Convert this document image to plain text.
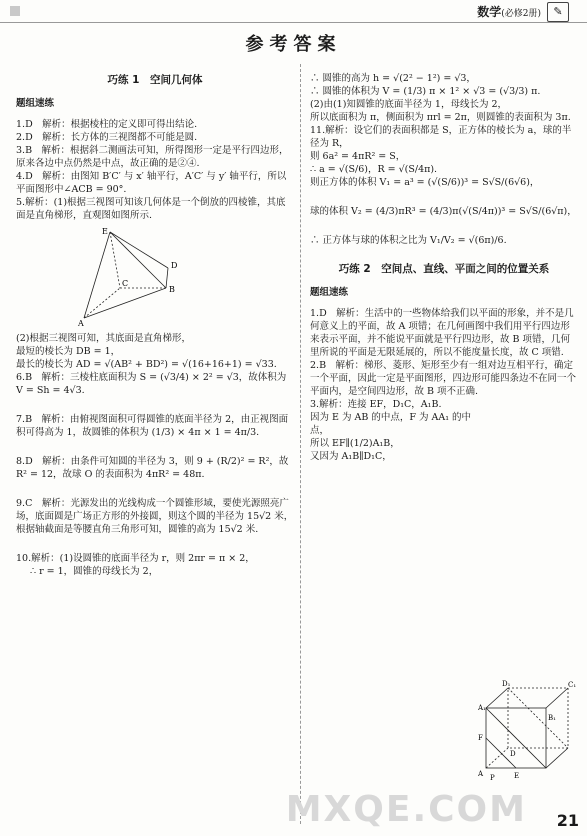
数学(必修2册)	✎
参考答案
巧练 1　空间几何体
题组速练

1.D　解析：根据棱柱的定义即可得出结论.

2.D　解析：长方体的三视图都不可能是圆.

3.B　解析：根据斜二测画法可知，所得图形一定是平行四边形，原来各边中点仍然是中点，故正确的是②④.

4.D　解析：由图知 B′C′ 与 x′ 轴平行，A′C′ 与 y′ 轴平行，所以平面图形中∠ACB = 90°.

5.解析：(1)根据三视图可知该几何体是一个倒放的四棱锥，其底面是直角梯形，直观图如图所示.

E
D
C
B
A

(2)根据三视图可知，其底面是直角梯形，

最短的棱长为 DB = 1，

最长的棱长为 AD = √(AB² + BD²) = √(16+16+1) = √33.

6.B　解析：三棱柱底面积为 S = (√3/4) × 2² = √3，故体积为 V = Sh = 4√3.

7.B　解析：由俯视图面积可得圆锥的底面半径为 2，由正视图面积可得高为 1，故圆锥的体积为 (1/3) × 4π × 1 = 4π/3.

8.D　解析：由条件可知圆的半径为 3，则 9 + (R/2)² = R²，故 R² = 12，故球 O 的表面积为 4πR² = 48π.

9.C　解析：光源发出的光线构成一个圆锥形域，要使光源照亮广场，底面圆是广场正方形的外接圆，则这个圆的半径为 15√2 米，根据轴截面是等腰直角三角形可知，圆锥的高为 15√2 米.

10.解析：(1)设圆锥的底面半径为 r，则 2πr = π × 2，

∴ r = 1，圆锥的母线长为 2，

∴ 圆锥的高为 h = √(2² − 1²) = √3，

∴ 圆锥的体积为 V = (1/3) π × 1² × √3 = (√3/3) π.

(2)由(1)知圆锥的底面半径为 1，母线长为 2，

所以底面积为 π，侧面积为 πrl = 2π，则圆锥的表面积为 3π.

11.解析：设它们的表面积都是 S，正方体的棱长为 a，球的半径为 R，

则 6a² = 4πR² = S，

∴ a = √(S/6)，R = √(S/4π).

则正方体的体积 V₁ = a³ = (√(S/6))³ = S√S/(6√6)，

球的体积 V₂ = (4/3)πR³ = (4/3)π(√(S/4π))³ = S√S/(6√π)，

∴ 正方体与球的体积之比为 V₁/V₂ = √(6π)/6.

巧练 2　空间点、直线、平面之间的位置关系
题组速练

1.D　解析：生活中的一些物体给我们以平面的形象，并不是几何意义上的平面，故 A 项错；在几何画图中我们用平行四边形来表示平面，并不能说平面就是平行四边形，故 B 项错，几何里所说的平面是无限延展的，所以不能度量长度，故 C 项错.

2.B　解析：梯形、菱形、矩形至少有一组对边互相平行，确定一个平面，因此一定是平面图形，四边形可能四条边不在同一个平面内，是空间四边形，故 B 项不正确.

3.解析：连接 EF，D₁C，A₁B.

因为 E 为 AB 的中点，F 为 AA₁ 的中点，

所以 EF∥(1/2)A₁B，

又因为 A₁B∥D₁C，

D₁	C₁
A₁
B₁
F
D
P
A	E
MXQE.COM 21
